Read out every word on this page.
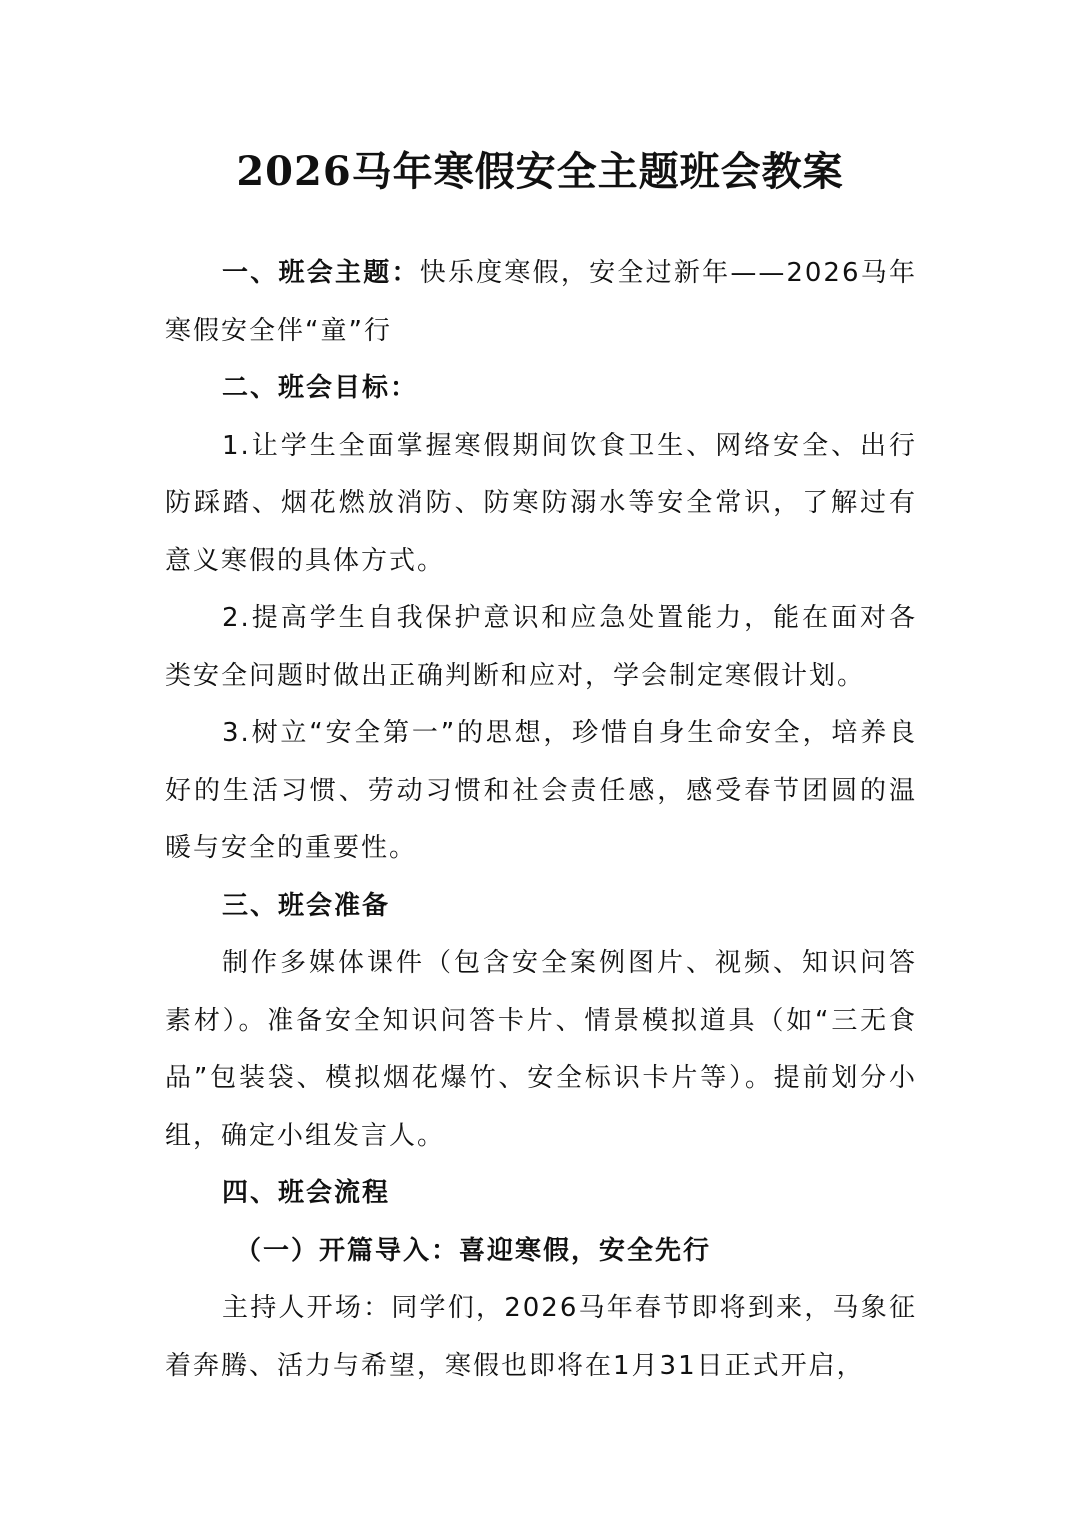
2026马年寒假安全主题班会教案

一、班会主题：快乐度寒假，安全过新年——2026马年寒假安全伴“童”行

二、班会目标：

1.让学生全面掌握寒假期间饮食卫生、网络安全、出行防踩踏、烟花燃放消防、防寒防溺水等安全常识，了解过有意义寒假的具体方式。

2.提高学生自我保护意识和应急处置能力，能在面对各类安全问题时做出正确判断和应对，学会制定寒假计划。

3.树立“安全第一”的思想，珍惜自身生命安全，培养良好的生活习惯、劳动习惯和社会责任感，感受春节团圆的温暖与安全的重要性。

三、班会准备

制作多媒体课件（包含安全案例图片、视频、知识问答素材）。准备安全知识问答卡片、情景模拟道具（如“三无食品”包装袋、模拟烟花爆竹、安全标识卡片等）。提前划分小组，确定小组发言人。

四、班会流程

（一）开篇导入：喜迎寒假，安全先行

主持人开场：同学们，2026马年春节即将到来，马象征着奔腾、活力与希望，寒假也即将在1月31日正式开启，
